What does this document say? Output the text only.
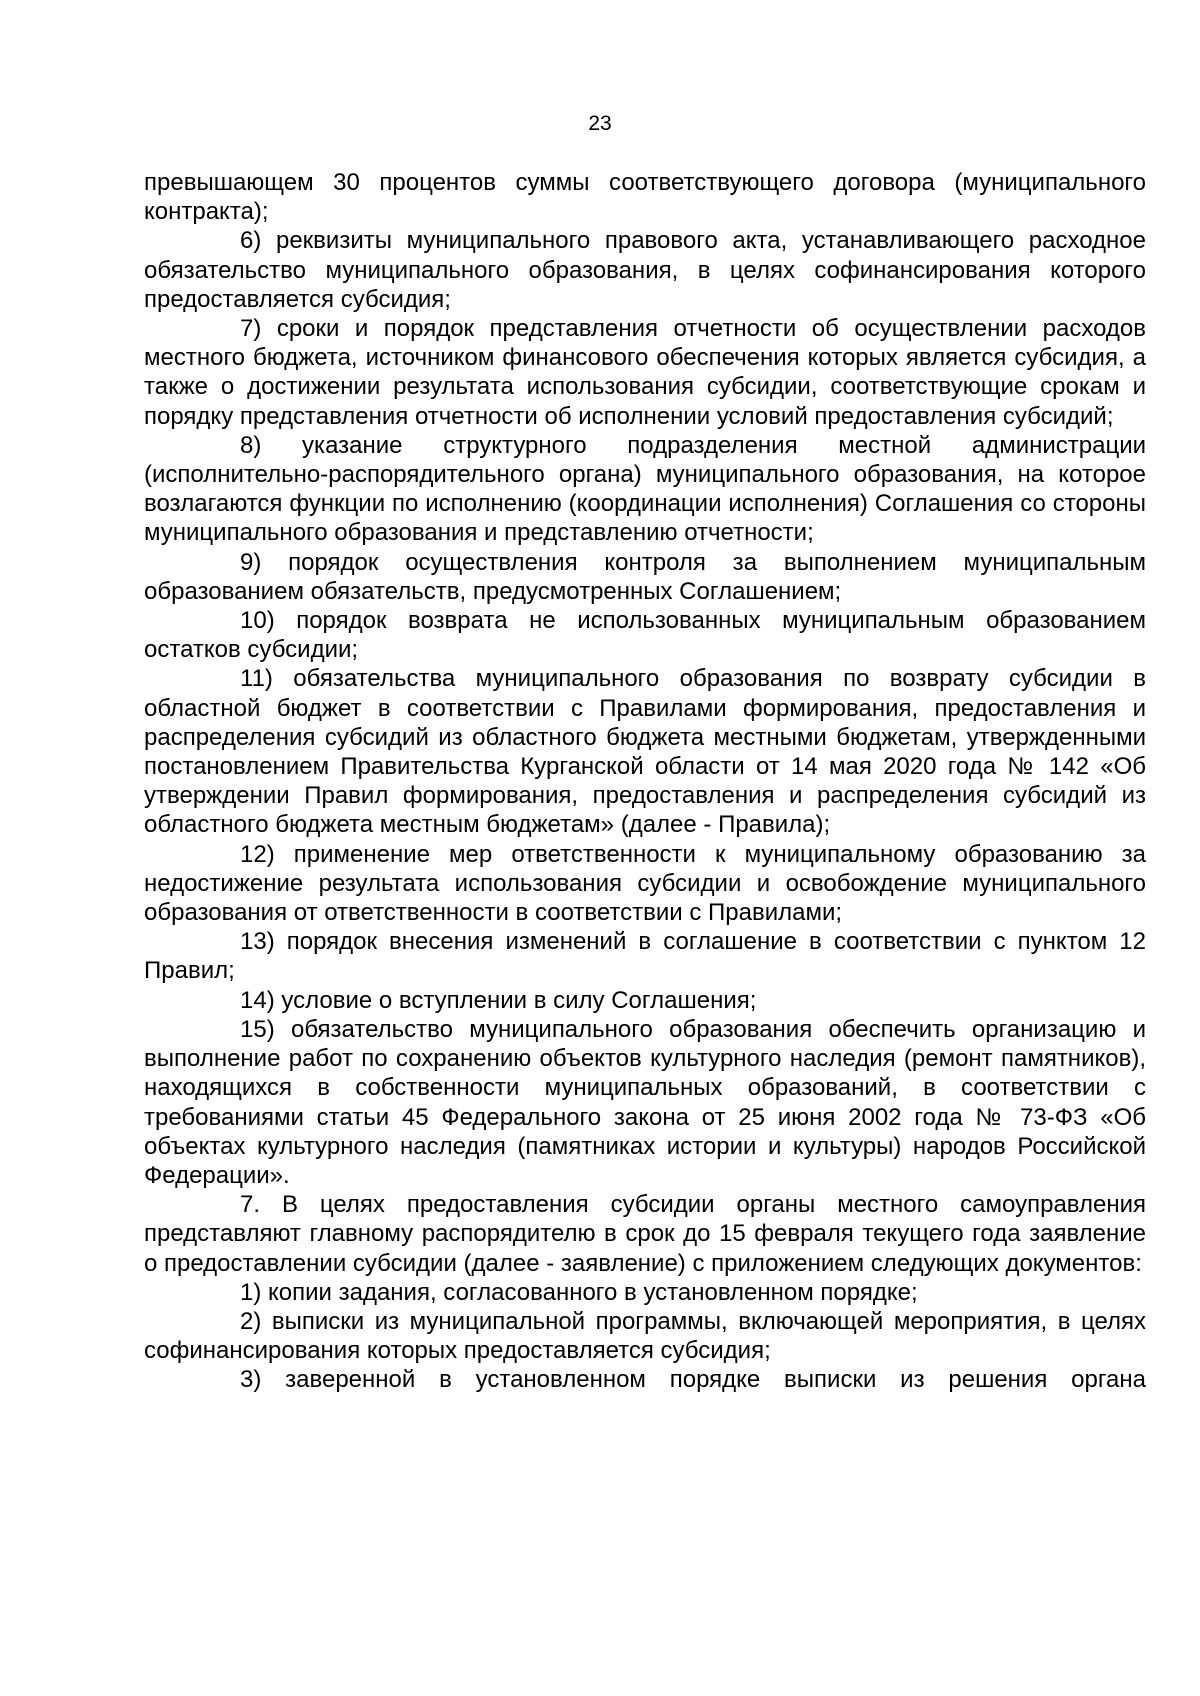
23

превышающем 30 процентов суммы соответствующего договора (муниципального контракта);

6) реквизиты муниципального правового акта, устанавливающего расходное обязательство муниципального образования, в целях софинансирования которого предоставляется субсидия;

7) сроки и порядок представления отчетности об осуществлении расходов местного бюджета, источником финансового обеспечения которых является субсидия, а также о достижении результата использования субсидии, соответствующие срокам и порядку представления отчетности об исполнении условий предоставления субсидий;

8) указание структурного подразделения местной администрации (исполнительно-распорядительного органа) муниципального образования, на которое возлагаются функции по исполнению (координации исполнения) Соглашения со стороны муниципального образования и представлению отчетности;

9) порядок осуществления контроля за выполнением муниципальным образованием обязательств, предусмотренных Соглашением;

10) порядок возврата не использованных муниципальным образованием остатков субсидии;

11) обязательства муниципального образования по возврату субсидии в областной бюджет в соответствии с Правилами формирования, предоставления и распределения субсидий из областного бюджета местными бюджетам, утвержденными постановлением Правительства Курганской области от 14 мая 2020 года № 142 «Об утверждении Правил формирования, предоставления и распределения субсидий из областного бюджета местным бюджетам» (далее - Правила);

12) применение мер ответственности к муниципальному образованию за недостижение результата использования субсидии и освобождение муниципального образования от ответственности в соответствии с Правилами;

13) порядок внесения изменений в соглашение в соответствии с пунктом 12 Правил;

14) условие о вступлении в силу Соглашения;

15) обязательство муниципального образования обеспечить организацию и выполнение работ по сохранению объектов культурного наследия (ремонт памятников), находящихся в собственности муниципальных образований, в соответствии с требованиями статьи 45 Федерального закона от 25 июня 2002 года № 73-ФЗ «Об объектах культурного наследия (памятниках истории и культуры) народов Российской Федерации».

7. В целях предоставления субсидии органы местного самоуправления представляют главному распорядителю в срок до 15 февраля текущего года заявление о предоставлении субсидии (далее - заявление) с приложением следующих документов:

1) копии задания, согласованного в установленном порядке;

2) выписки из муниципальной программы, включающей мероприятия, в целях софинансирования которых предоставляется субсидия;

3) заверенной в установленном порядке выписки из решения органа
